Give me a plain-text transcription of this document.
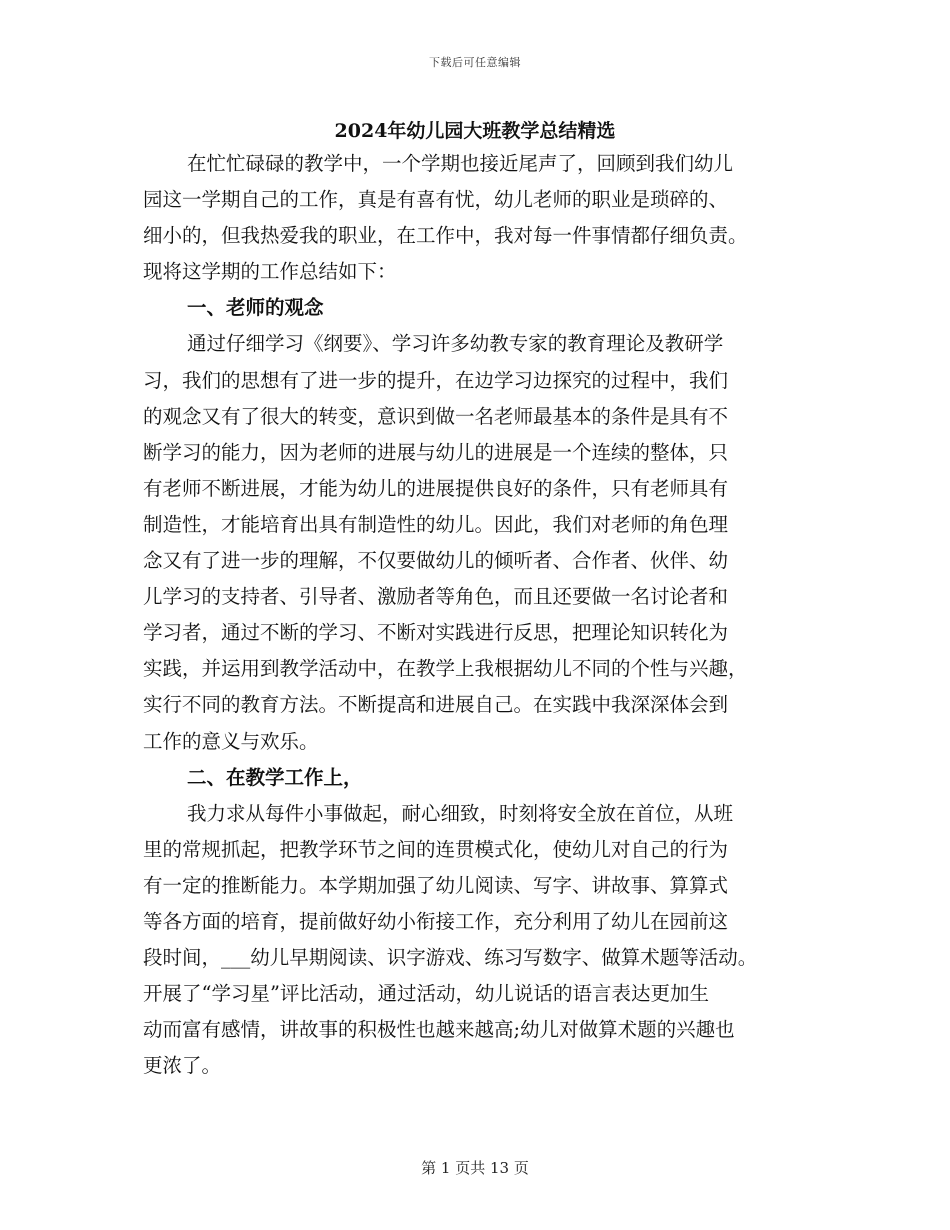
下载后可任意编辑
2024年幼儿园大班教学总结精选
在忙忙碌碌的教学中，一个学期也接近尾声了，回顾到我们幼儿
园这一学期自己的工作，真是有喜有忧，幼儿老师的职业是琐碎的、
细小的，但我热爱我的职业，在工作中，我对每一件事情都仔细负责。
现将这学期的工作总结如下：
一、老师的观念
通过仔细学习《纲要》、学习许多幼教专家的教育理论及教研学
习，我们的思想有了进一步的提升，在边学习边探究的过程中，我们
的观念又有了很大的转变，意识到做一名老师最基本的条件是具有不
断学习的能力，因为老师的进展与幼儿的进展是一个连续的整体，只
有老师不断进展，才能为幼儿的进展提供良好的条件，只有老师具有
制造性，才能培育出具有制造性的幼儿。因此，我们对老师的角色理
念又有了进一步的理解，不仅要做幼儿的倾听者、合作者、伙伴、幼
儿学习的支持者、引导者、激励者等角色，而且还要做一名讨论者和
学习者，通过不断的学习、不断对实践进行反思，把理论知识转化为
实践，并运用到教学活动中，在教学上我根据幼儿不同的个性与兴趣，
实行不同的教育方法。不断提高和进展自己。在实践中我深深体会到
工作的意义与欢乐。
二、在教学工作上，
我力求从每件小事做起，耐心细致，时刻将安全放在首位，从班
里的常规抓起，把教学环节之间的连贯模式化，使幼儿对自己的行为
有一定的推断能力。本学期加强了幼儿阅读、写字、讲故事、算算式
等各方面的培育，提前做好幼小衔接工作，充分利用了幼儿在园前这
段时间，___幼儿早期阅读、识字游戏、练习写数字、做算术题等活动。
开展了“学习星”评比活动，通过活动，幼儿说话的语言表达更加生
动而富有感情，讲故事的积极性也越来越高;幼儿对做算术题的兴趣也
更浓了。
第 1 页共 13 页
